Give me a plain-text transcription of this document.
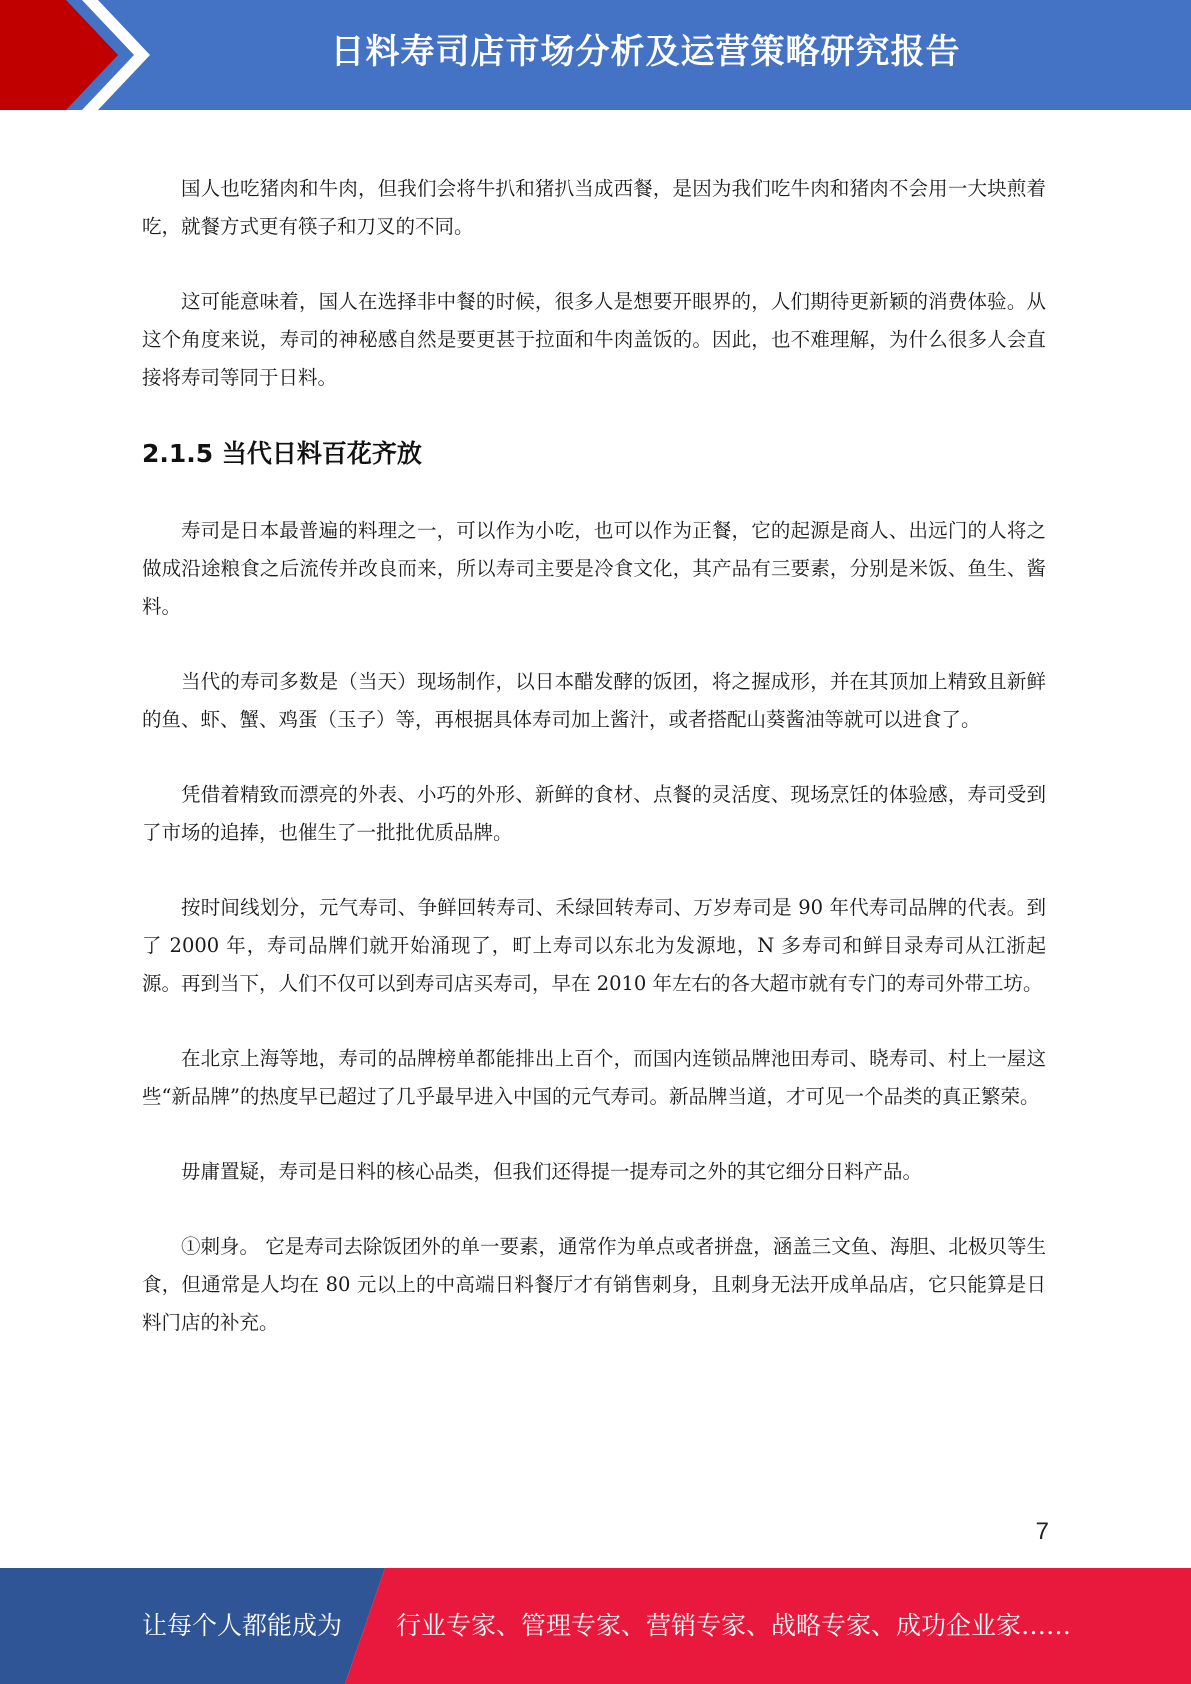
日料寿司店市场分析及运营策略研究报告

国人也吃猪肉和牛肉，但我们会将牛扒和猪扒当成西餐，是因为我们吃牛肉和猪肉不会用一大块煎着吃，就餐方式更有筷子和刀叉的不同。

这可能意味着，国人在选择非中餐的时候，很多人是想要开眼界的，人们期待更新颖的消费体验。从这个角度来说，寿司的神秘感自然是要更甚于拉面和牛肉盖饭的。因此，也不难理解，为什么很多人会直接将寿司等同于日料。

2.1.5 当代日料百花齐放

寿司是日本最普遍的料理之一，可以作为小吃，也可以作为正餐，它的起源是商人、出远门的人将之做成沿途粮食之后流传并改良而来，所以寿司主要是冷食文化，其产品有三要素，分别是米饭、鱼生、酱料。

当代的寿司多数是（当天）现场制作，以日本醋发酵的饭团，将之握成形，并在其顶加上精致且新鲜的鱼、虾、蟹、鸡蛋（玉子）等，再根据具体寿司加上酱汁，或者搭配山葵酱油等就可以进食了。

凭借着精致而漂亮的外表、小巧的外形、新鲜的食材、点餐的灵活度、现场烹饪的体验感，寿司受到了市场的追捧，也催生了一批批优质品牌。

按时间线划分，元气寿司、争鲜回转寿司、禾绿回转寿司、万岁寿司是 90 年代寿司品牌的代表。到了 2000 年，寿司品牌们就开始涌现了，町上寿司以东北为发源地，N 多寿司和鲜目录寿司从江浙起源。再到当下，人们不仅可以到寿司店买寿司，早在 2010 年左右的各大超市就有专门的寿司外带工坊。

在北京上海等地，寿司的品牌榜单都能排出上百个，而国内连锁品牌池田寿司、晓寿司、村上一屋这些“新品牌”的热度早已超过了几乎最早进入中国的元气寿司。新品牌当道，才可见一个品类的真正繁荣。

毋庸置疑，寿司是日料的核心品类，但我们还得提一提寿司之外的其它细分日料产品。

①刺身。 它是寿司去除饭团外的单一要素，通常作为单点或者拼盘，涵盖三文鱼、海胆、北极贝等生食，但通常是人均在 80 元以上的中高端日料餐厅才有销售刺身，且刺身无法开成单品店，它只能算是日料门店的补充。

7
让每个人都能成为 行业专家、管理专家、营销专家、战略专家、成功企业家……
